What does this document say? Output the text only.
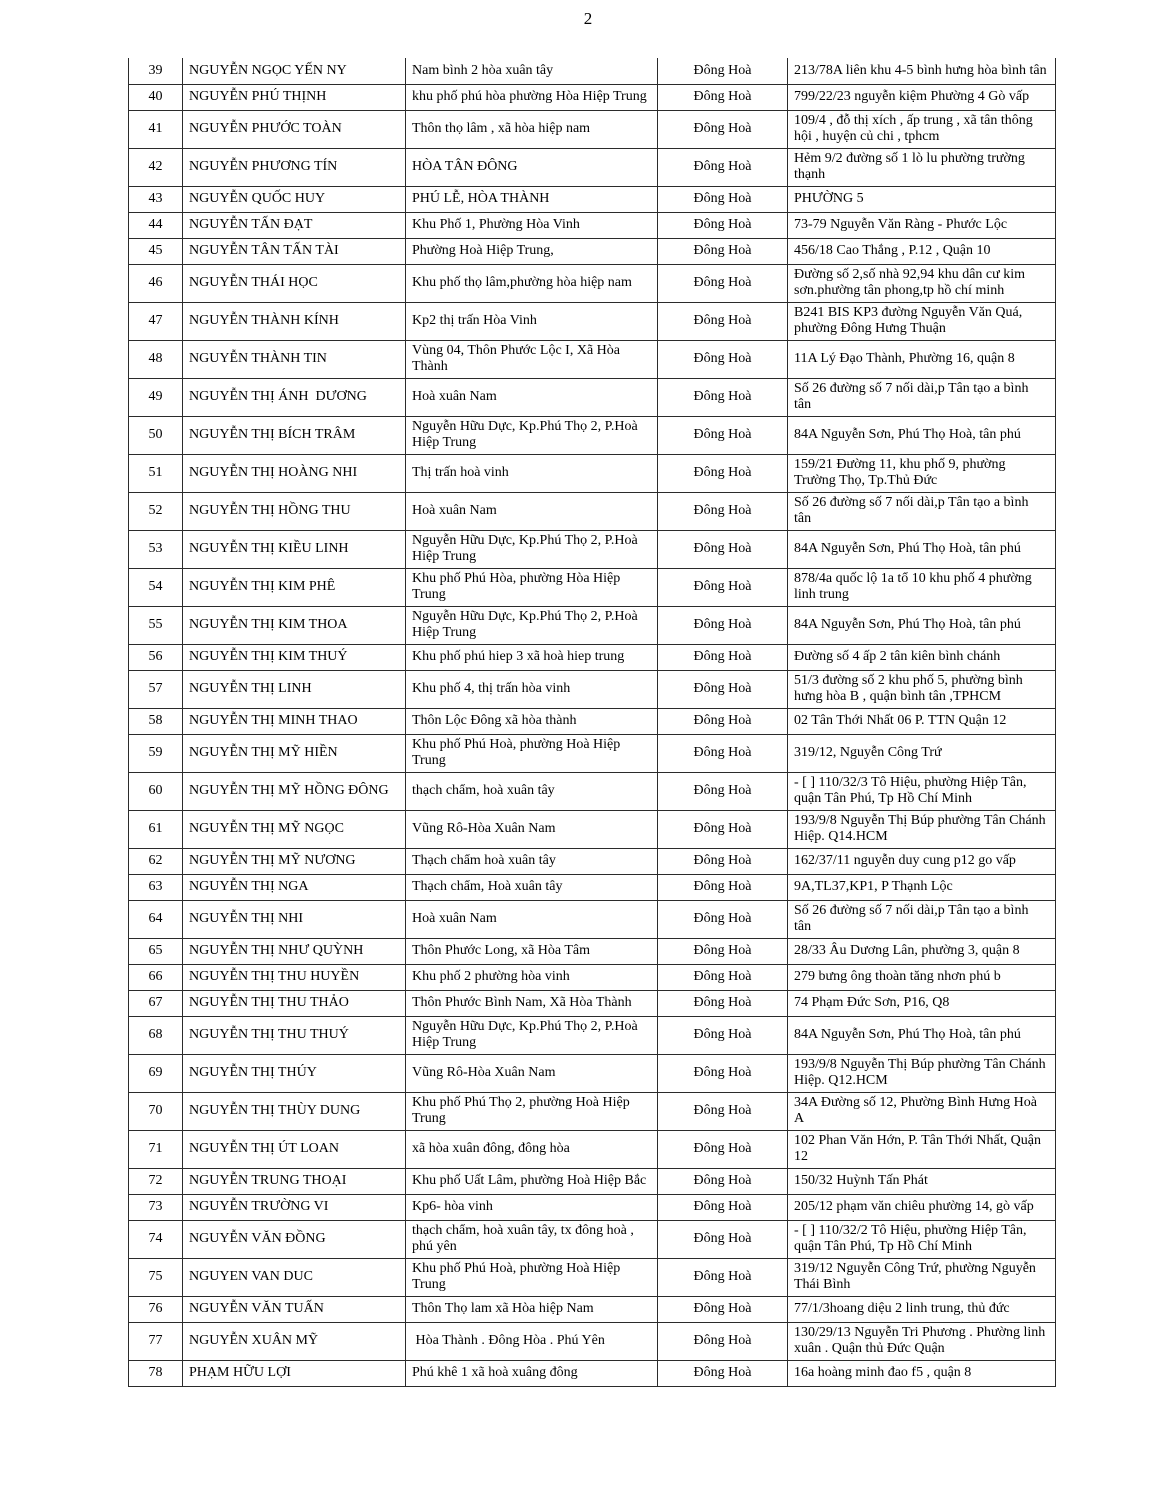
2
39	NGUYỄN NGỌC YẾN NY	Nam bình 2 hòa xuân tây	Đông Hoà	213/78A liên khu 4-5 bình hưng hòa bình tân
40	NGUYỄN PHÚ THỊNH	khu phố phú hòa phường Hòa Hiệp Trung	Đông Hoà	799/22/23 nguyễn kiệm Phường 4 Gò vấp
41	NGUYỄN PHƯỚC TOÀN	Thôn thọ lâm , xã hòa hiệp nam	Đông Hoà	109/4 , đỗ thị xích , ấp trung , xã tân thông hội , huyện củ chi , tphcm
42	NGUYỄN PHƯƠNG TÍN	HÒA TÂN ĐÔNG	Đông Hoà	Hẻm 9/2 đường số 1 lò lu phường trường thạnh
43	NGUYỄN QUỐC HUY	PHÚ LỄ, HÒA THÀNH	Đông Hoà	PHƯỜNG 5
44	NGUYỄN TẤN ĐẠT	Khu Phố 1, Phường Hòa Vinh	Đông Hoà	73-79 Nguyễn Văn Ràng - Phước Lộc
45	NGUYỄN TÂN TẤN TÀI	Phường Hoà Hiệp Trung,	Đông Hoà	456/18 Cao Thắng , P.12 , Quận 10
46	NGUYỄN THÁI HỌC	Khu phố thọ lâm,phường hòa hiệp nam	Đông Hoà	Đường số 2,số nhà 92,94 khu dân cư kim sơn.phường tân phong,tp hồ chí minh
47	NGUYỄN THÀNH KÍNH	Kp2 thị trấn Hòa Vinh	Đông Hoà	B241 BIS KP3 đường Nguyễn Văn Quá, phường Đông Hưng Thuận
48	NGUYỄN THÀNH TIN	Vùng 04, Thôn Phước Lộc I, Xã Hòa Thành	Đông Hoà	11A Lý Đạo Thành, Phường 16, quận 8
49	NGUYỄN THỊ ÁNH  DƯƠNG	Hoà xuân Nam	Đông Hoà	Số 26 đường số 7 nối dài,p Tân tạo a bình tân
50	NGUYỄN THỊ BÍCH TRÂM	Nguyễn Hữu Dực, Kp.Phú Thọ 2, P.Hoà Hiệp Trung	Đông Hoà	84A Nguyễn Sơn, Phú Thọ Hoà, tân phú
51	NGUYỄN THỊ HOÀNG NHI	Thị trấn hoà vinh	Đông Hoà	159/21 Đường 11, khu phố 9, phường Trường Thọ, Tp.Thủ Đức
52	NGUYỄN THỊ HỒNG THU	Hoà xuân Nam	Đông Hoà	Số 26 đường số 7 nối dài,p Tân tạo a bình tân
53	NGUYỄN THỊ KIỀU LINH	Nguyễn Hữu Dực, Kp.Phú Thọ 2, P.Hoà Hiệp Trung	Đông Hoà	84A Nguyễn Sơn, Phú Thọ Hoà, tân phú
54	NGUYỄN THỊ KIM PHÊ	Khu phố Phú Hòa, phường Hòa Hiệp Trung	Đông Hoà	878/4a quốc lộ 1a tổ 10 khu phố 4 phường linh trung
55	NGUYỄN THỊ KIM THOA	Nguyễn Hữu Dực, Kp.Phú Thọ 2, P.Hoà Hiệp Trung	Đông Hoà	84A Nguyễn Sơn, Phú Thọ Hoà, tân phú
56	NGUYỄN THỊ KIM THUÝ	Khu phố phú hiep 3 xã hoà hiep trung	Đông Hoà	Đường số 4 ấp 2 tân kiên bình chánh
57	NGUYỄN THỊ LINH	Khu phố 4, thị trấn hòa vinh	Đông Hoà	51/3 đường số 2 khu phố 5, phường bình hưng hòa B , quận bình tân ,TPHCM
58	NGUYỄN THỊ MINH THAO	Thôn Lộc Đông xã hòa thành	Đông Hoà	02 Tân Thới Nhất 06 P. TTN Quận 12
59	NGUYỄN THỊ MỸ HIỀN	Khu phố Phú Hoà, phường Hoà Hiệp Trung	Đông Hoà	319/12, Nguyễn Công Trứ
60	NGUYỄN THỊ MỸ HỒNG ĐÔNG	thạch chẩm, hoà xuân tây	Đông Hoà	- [ ] 110/32/3 Tô Hiệu, phường Hiệp Tân, quận Tân Phú, Tp Hồ Chí Minh
61	NGUYỄN THỊ MỸ NGỌC	Vũng Rô-Hòa Xuân Nam	Đông Hoà	193/9/8 Nguyễn Thị Búp phường Tân Chánh Hiệp. Q14.HCM
62	NGUYỄN THỊ MỸ NƯƠNG	Thạch chẩm hoà xuân tây	Đông Hoà	162/37/11 nguyễn duy cung p12 go vấp
63	NGUYỄN THỊ NGA	Thạch chẩm, Hoà xuân tây	Đông Hoà	9A,TL37,KP1, P Thạnh Lộc
64	NGUYỄN THỊ NHI	Hoà xuân Nam	Đông Hoà	Số 26 đường số 7 nối dài,p Tân tạo a bình tân
65	NGUYỄN THỊ NHƯ QUỲNH	Thôn Phước Long, xã Hòa Tâm	Đông Hoà	28/33 Âu Dương Lân, phường 3, quận 8
66	NGUYỄN THỊ THU HUYỀN	Khu phố 2 phường hòa vinh	Đông Hoà	279 bưng ông thoàn tăng nhơn phú b
67	NGUYỄN THỊ THU THẢO	Thôn Phước Bình Nam, Xã Hòa Thành	Đông Hoà	74 Phạm Đức Sơn, P16, Q8
68	NGUYỄN THỊ THU THUÝ	Nguyễn Hữu Dực, Kp.Phú Thọ 2, P.Hoà Hiệp Trung	Đông Hoà	84A Nguyễn Sơn, Phú Thọ Hoà, tân phú
69	NGUYỄN THỊ THÚY	Vũng Rô-Hòa Xuân Nam	Đông Hoà	193/9/8 Nguyễn Thị Búp phường Tân Chánh Hiệp. Q12.HCM
70	NGUYỄN THỊ THÙY DUNG	Khu phố Phú Thọ 2, phường Hoà Hiệp Trung	Đông Hoà	34A Đường số 12, Phường Bình Hưng Hoà A
71	NGUYỄN THỊ ÚT LOAN	xã hòa xuân đông, đông hòa	Đông Hoà	102 Phan Văn Hớn, P. Tân Thới Nhất, Quận 12
72	NGUYỄN TRUNG THOẠI	Khu phố Uất Lâm, phường Hoà Hiệp Bắc	Đông Hoà	150/32 Huỳnh Tấn Phát
73	NGUYỄN TRƯỜNG VI	Kp6- hòa vinh	Đông Hoà	205/12 phạm văn chiêu phường 14, gò vấp
74	NGUYỄN VĂN ĐỒNG	thạch chẩm, hoà xuân tây, tx đông hoà , phú yên	Đông Hoà	- [ ] 110/32/2 Tô Hiệu, phường Hiệp Tân, quận Tân Phú, Tp Hồ Chí Minh
75	NGUYEN VAN DUC	Khu phố Phú Hoà, phường Hoà Hiệp Trung	Đông Hoà	319/12 Nguyễn Công Trứ, phường Nguyễn Thái Bình
76	NGUYỄN VĂN TUẤN	Thôn Thọ lam xã Hòa hiệp Nam	Đông Hoà	77/1/3hoang diệu 2 linh trung, thủ đức
77	NGUYỄN XUÂN MỸ	Hòa Thành . Đông Hòa . Phú Yên	Đông Hoà	130/29/13 Nguyễn Tri Phương . Phường linh xuân . Quận thủ Đức Quận
78	PHẠM HỮU LỢI	Phú khê 1 xã hoà xuâng đông	Đông Hoà	16a hoàng minh đao f5 , quận 8
